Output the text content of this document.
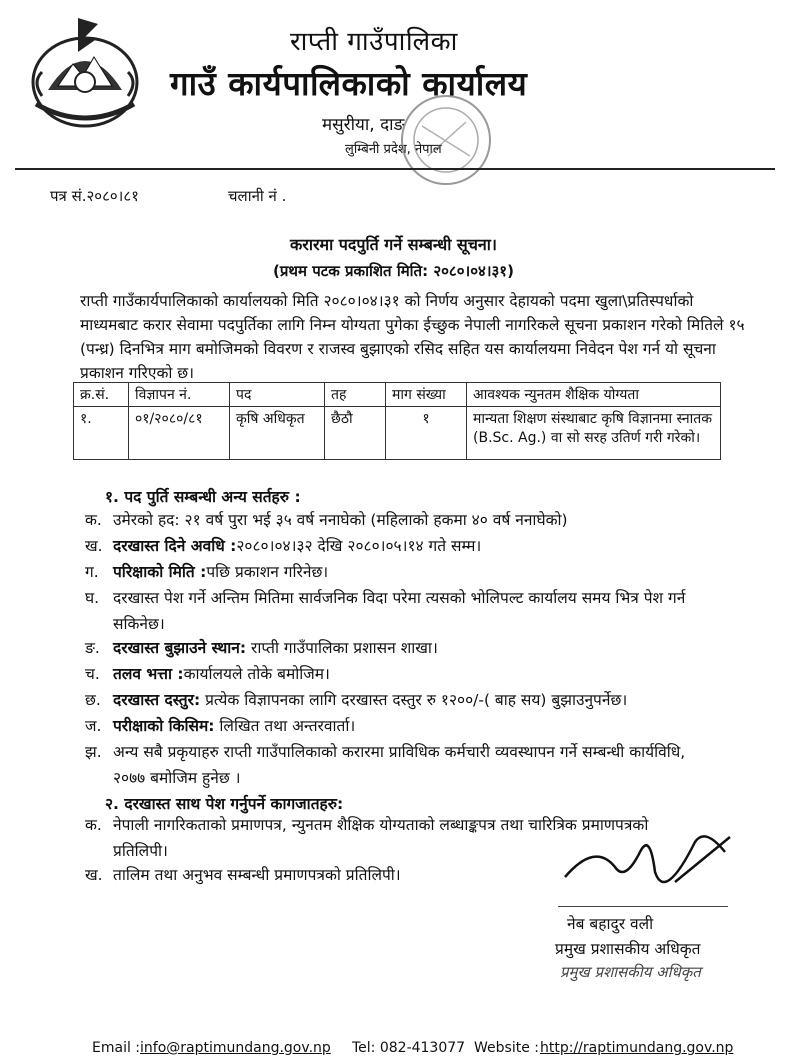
राप्ती गाउँपालिका
गाउँ कार्यपालिकाको कार्यालय
मसुरीया, दाङ
लुम्बिनी प्रदेश, नेपाल
पत्र सं.२०८०।८१	चलानी नं .
करारमा पदपुर्ति गर्ने सम्बन्धी सूचना।
(प्रथम पटक प्रकाशित मिति: २०८०।०४।३१)
राप्ती गाउँकार्यपालिकाको कार्यालयको मिति २०८०।०४।३१ को निर्णय अनुसार देहायको पदमा खुला\प्रतिस्पर्धाको माध्यमबाट करार सेवामा पदपुर्तिका लागि निम्न योग्यता पुगेका ईच्छुक नेपाली नागरिकले सूचना प्रकाशन गरेको मितिले १५ (पन्ध्र) दिनभित्र माग बमोजिमको विवरण र राजस्व बुझाएको रसिद सहित यस कार्यालयमा निवेदन पेश गर्न यो सूचना प्रकाशन गरिएको छ।
क्र.सं.	विज्ञापन नं.	पद	तह	माग संख्या	आवश्यक न्युनतम शैक्षिक योग्यता
१.	०१/२०८०/८१	कृषि अधिकृत	छैठौ	१	मान्यता शिक्षण संस्थाबाट कृषि विज्ञानमा स्नातक (B.Sc. Ag.) वा सो सरह उतिर्ण गरी गरेको।
१. पद पुर्ति सम्बन्धी अन्य सर्तहरु :
क. उमेरको हद: २१ वर्ष पुरा भई ३५ वर्ष ननाघेको (महिलाको हकमा ४० वर्ष ननाघेको)
ख. दरखास्त दिने अवधि :२०८०।०४।३२ देखि २०८०।०५।१४ गते सम्म।
ग. परिक्षाको मिति :पछि प्रकाशन गरिनेछ।
घ. दरखास्त पेश गर्ने अन्तिम मितिमा सार्वजनिक विदा परेमा त्यसको भोलिपल्ट कार्यालय समय भित्र पेश गर्न
सकिनेछ।
ङ. दरखास्त बुझाउने स्थान: राप्ती गाउँपालिका प्रशासन शाखा।
च. तलव भत्ता :कार्यालयले तोके बमोजिम।
छ. दरखास्त दस्तुर: प्रत्येक विज्ञापनका लागि दरखास्त दस्तुर रु १२००/-( बाह सय) बुझाउनुपर्नेछ।
ज. परीक्षाको किसिम: लिखित तथा अन्तरवार्ता।
झ. अन्य सबै प्रकृयाहरु राप्ती गाउँपालिकाको करारमा प्राविधिक कर्मचारी व्यवस्थापन गर्ने सम्बन्धी कार्यविधि,
२०७७ बमोजिम हुनेछ ।
२. दरखास्त साथ पेश गर्नुपर्ने कागजातहरु:
क. नेपाली नागरिकताको प्रमाणपत्र, न्युनतम शैक्षिक योग्यताको लब्धाङ्कपत्र तथा चारित्रिक प्रमाणपत्रको
प्रतिलिपी।
ख. तालिम तथा अनुभव सम्बन्धी प्रमाणपत्रको प्रतिलिपी।
नेब बहादुर वली
प्रमुख प्रशासकीय अधिकृत
प्रमुख प्रशासकीय अधिकृत
Email : info@raptimundang.gov.np Tel: 082-413077 Website : http://raptimundang.gov.np
